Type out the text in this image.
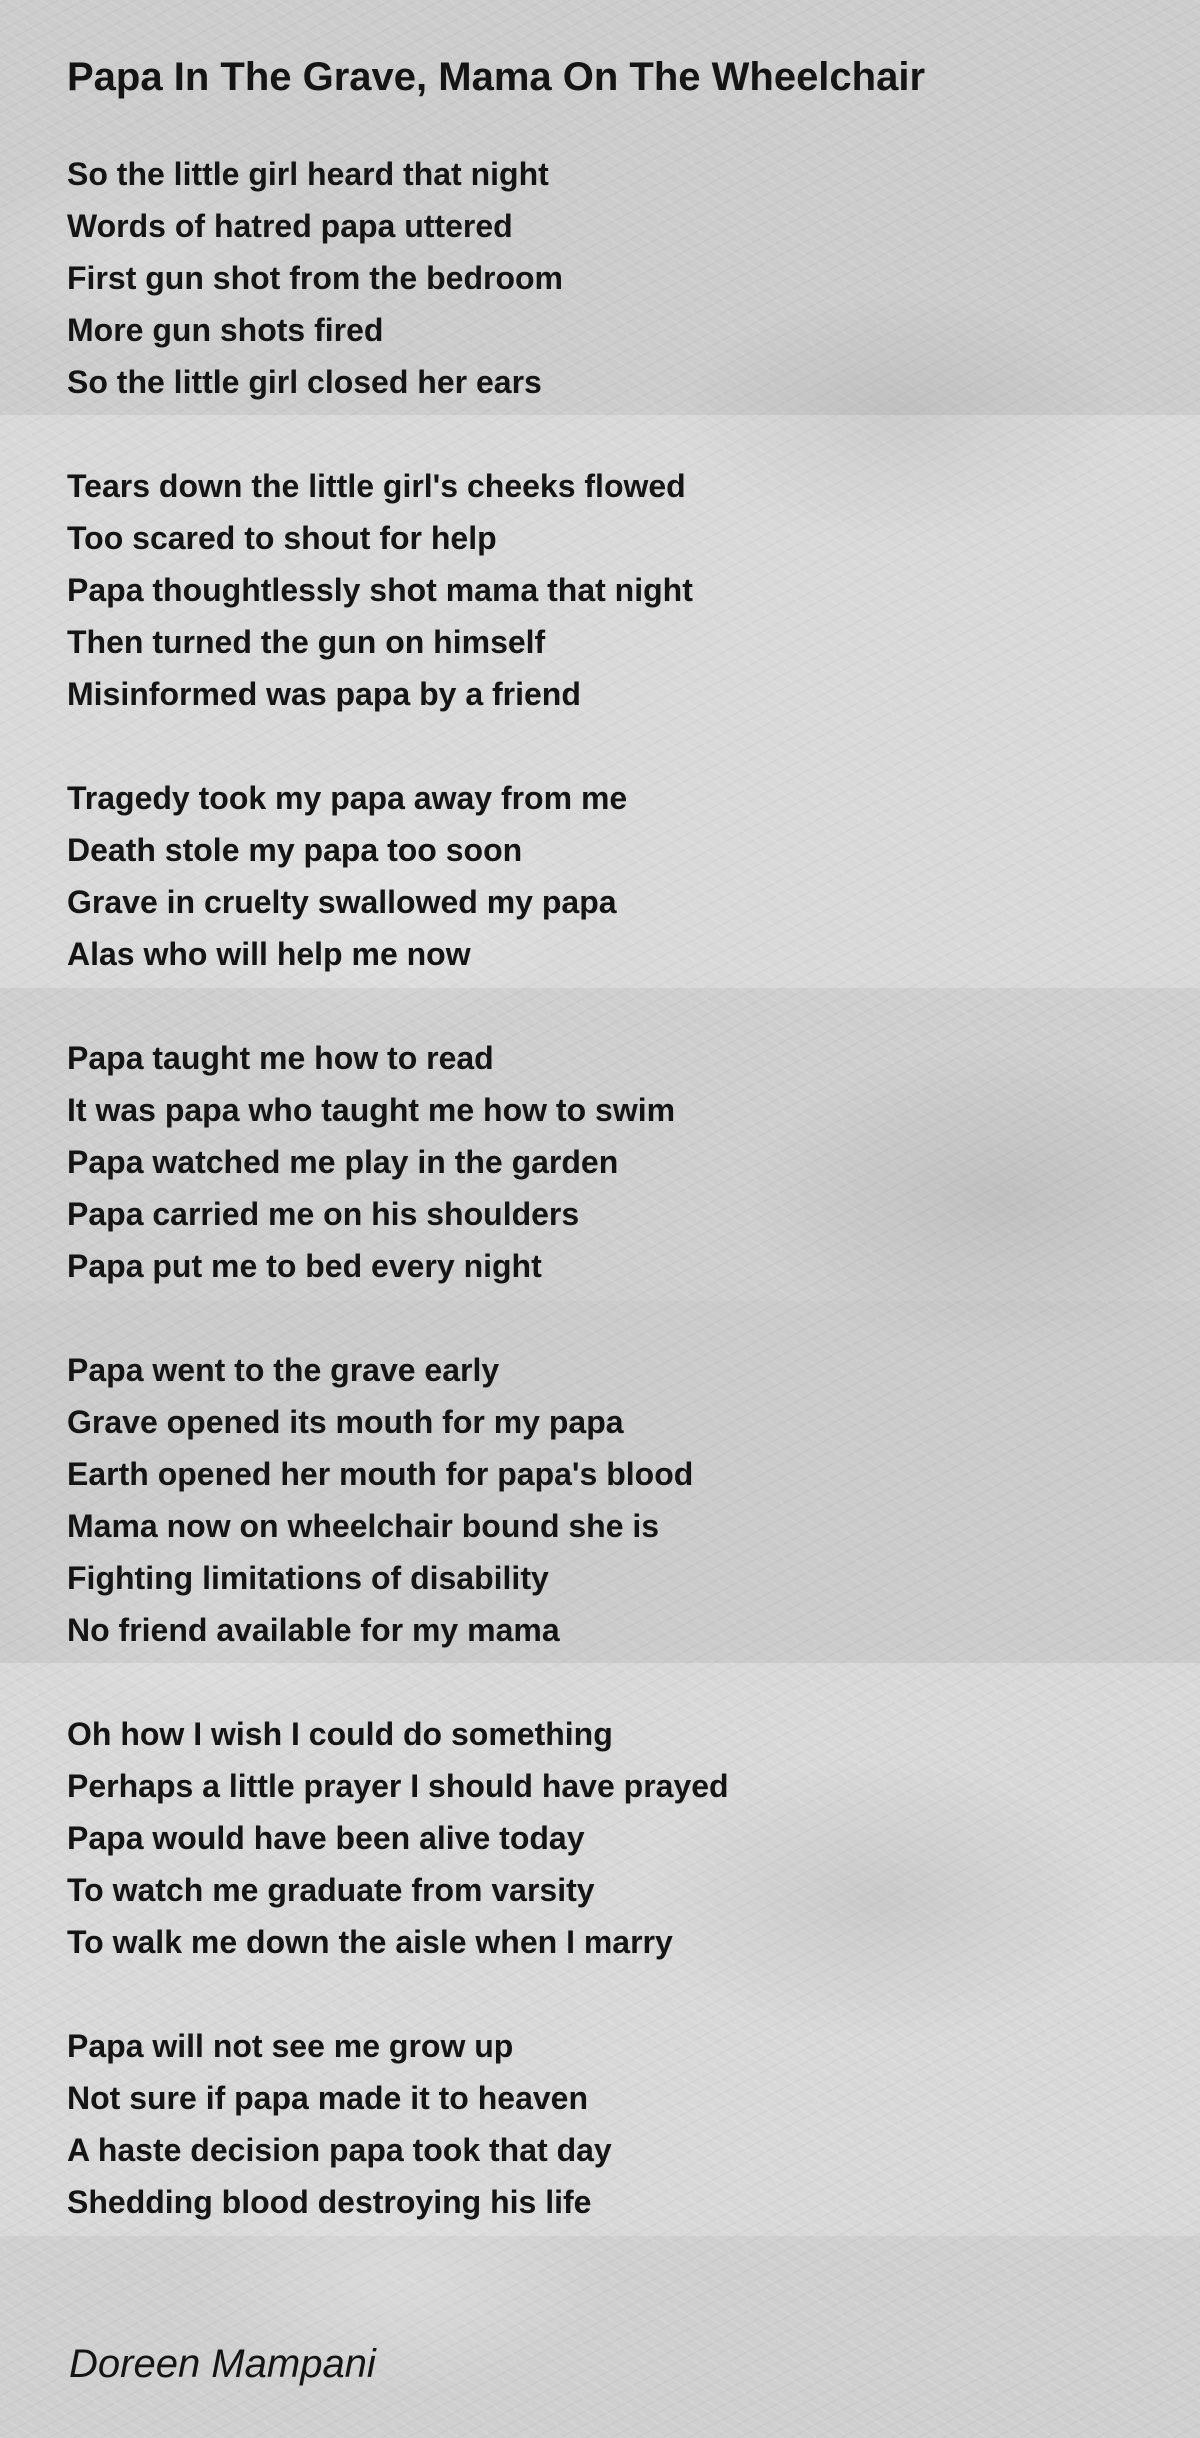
Papa In The Grave, Mama On The Wheelchair
So the little girl heard that night
Words of hatred papa uttered
First gun shot from the bedroom
More gun shots fired
So the little girl closed her ears
Tears down the little girl's cheeks flowed
Too scared to shout for help
Papa thoughtlessly shot mama that night
Then turned the gun on himself
Misinformed was papa by a friend
Tragedy took my papa away from me
Death stole my papa too soon
Grave in cruelty swallowed my papa
Alas who will help me now
Papa taught me how to read
It was papa who taught me how to swim
Papa watched me play in the garden
Papa carried me on his shoulders
Papa put me to bed every night
Papa went to the grave early
Grave opened its mouth for my papa
Earth opened her mouth for papa's blood
Mama now on wheelchair bound she is
Fighting limitations of disability
No friend available for my mama
Oh how I wish I could do something
Perhaps a little prayer I should have prayed
Papa would have been alive today
To watch me graduate from varsity
To walk me down the aisle when I marry
Papa will not see me grow up
Not sure if papa made it to heaven
A haste decision papa took that day
Shedding blood destroying his life
Doreen Mampani
